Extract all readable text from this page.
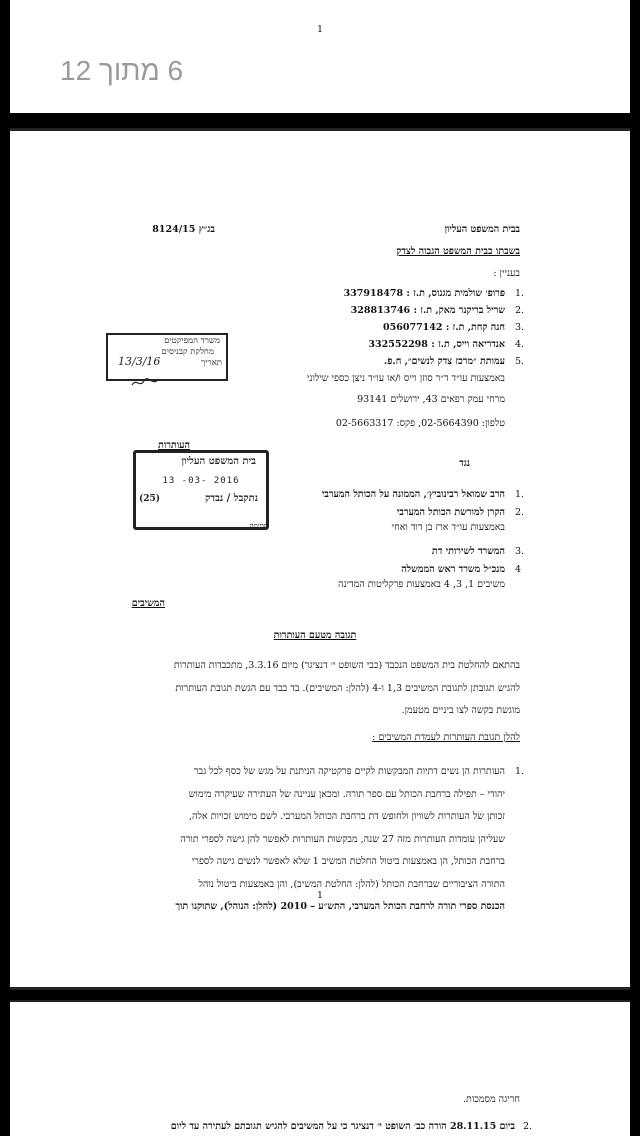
1
6 מתוך 12
בג״ץ 8124/15	בבית המשפט העליון
בשבתו כבית המשפט הגבוה לצדק
בעניין :
1.
פרופ׳ שולמית מגנוס, ת.ז : 337918478
2.
שריל בריקנר מאק, ת.ז : 328813746
3.
חנה קחת, ת.ז : 056077142
4.
אנדריאה וייס, ת.ז : 332552298
5.
עמותת ״מרכז צדק לנשים״, ח.פ.
באמצעות עו״ד ד״ר סוזן וייס ו/או עו״ד ניצן כספי שילוני
מרחי עמק רפאים 43, ירושלים 93141
טלפון: 02-5664390, פקס: 02-5663317
העותרות
נגד
1.
הרב שמואל רבינוביץ׳, הממונה על הכותל המערבי
2.
הקרן למורשת הכותל המערבי
באמצעות עו״ד ארז בן דוד ואחי
3.
המשרד לשירותי דת
4
מנכ״ל משרד ראש הממשלה
משיבים 1, 3, 4 באמצעות פרקליטות המדינה
המשיבים
תגובה מטעם העותרות
בהתאם להחלטת בית המשפט הנכבד (כבי השופט י׳ דנציגר) מיום 3.3.16, מתכבדות העותרות
להגיש תגובתן לתגובת המשיבים 1,3 ו-4 (להלן: המשיבים). בד בבד עם הגשת תגובת העותרות
מוגשת בקשה לצו ביניים מטעמן.
להלן תגובת העותרות לעמדת המשיבים :
1.
העותרות הן נשים דתיות המבקשות לקיים פרקטיקה הניתנת על מגש של כסף לכל גבר
יהודי – תפילה ברחבת הכותל עם ספר תורה. ומכאן עניינה של העתירה שעיקרה מימוש
זכותן של העותרות לשוויון ולחופש דת ברחבת הכותל המערבי. לשם מימוש זכויות אלה,
שעליהן עומדות העותרות מזה 27 שנה, מבקשות העותרות לאפשר להן גישה לספרי תורה
ברחבת הכותל, הן באמצעות ביטול החלטת המשיב 1 שלא לאפשר לנשים גישה לספרי
התורה הציבוריים שברחבת הכותל (להלן: החלטת המשיב), והן באמצעות ביטול נוהל
הכנסת ספרי תורה לרחבת הכותל המערבי, התש״ע – 2010 (להלן: הנוהל), שתוקנו תוך
1
משרד המפיקטים
מחלקת קבניסים
תאריך
13/3/16
בית המשפט העליון
13 -03- 2016
נתקבל / נבדק
(25)
חתימה
חריגה מסמכות.
2.
ביום 28.11.15 הורה כב׳ השופט י׳ דנציגר כי על המשיבים להגיש תגובתם לעתירה עד ליום
